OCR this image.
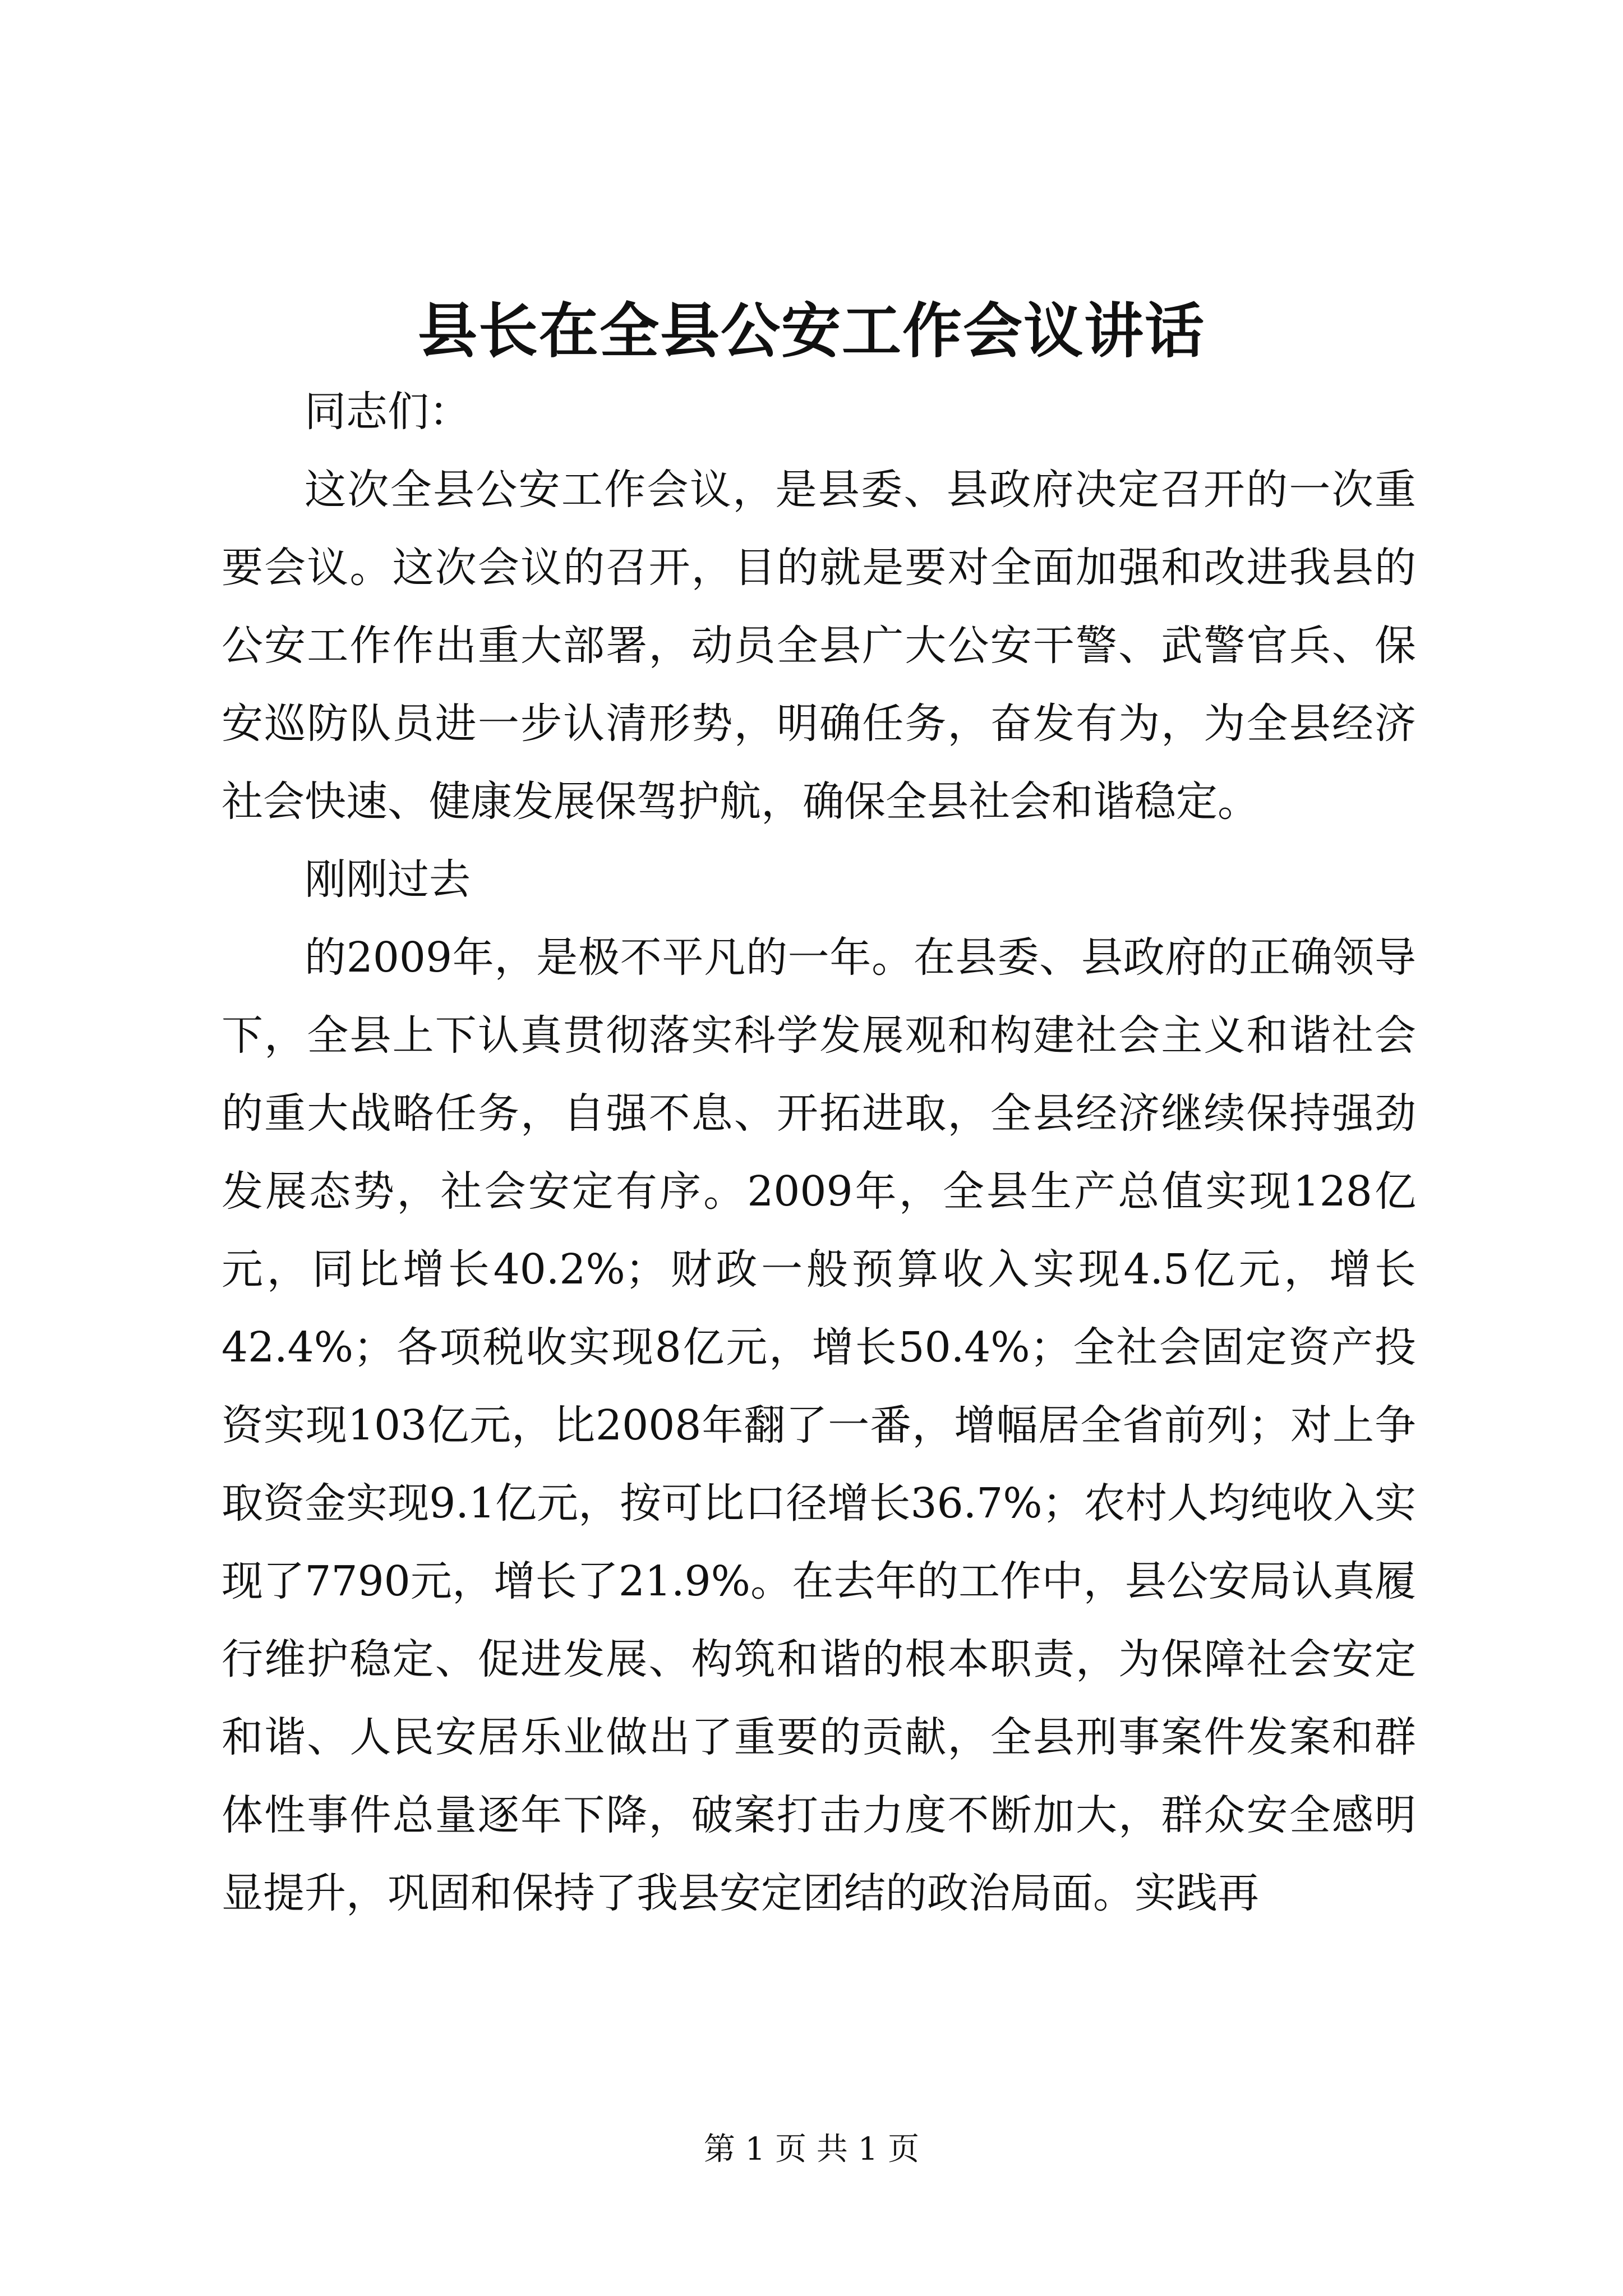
县长在全县公安工作会议讲话

同志们：

这次全县公安工作会议，是县委、县政府决定召开的一次重要会议。这次会议的召开，目的就是要对全面加强和改进我县的公安工作作出重大部署，动员全县广大公安干警、武警官兵、保安巡防队员进一步认清形势，明确任务，奋发有为，为全县经济社会快速、健康发展保驾护航，确保全县社会和谐稳定。

刚刚过去

的2009年，是极不平凡的一年。在县委、县政府的正确领导下，全县上下认真贯彻落实科学发展观和构建社会主义和谐社会的重大战略任务，自强不息、开拓进取，全县经济继续保持强劲发展态势，社会安定有序。2009年，全县生产总值实现128亿元，同比增长40.2%；财政一般预算收入实现4.5亿元，增长42.4%；各项税收实现8亿元，增长50.4%；全社会固定资产投资实现103亿元，比2008年翻了一番，增幅居全省前列；对上争取资金实现9.1亿元，按可比口径增长36.7%；农村人均纯收入实现了7790元，增长了21.9%。在去年的工作中，县公安局认真履行维护稳定、促进发展、构筑和谐的根本职责，为保障社会安定和谐、人民安居乐业做出了重要的贡献，全县刑事案件发案和群体性事件总量逐年下降，破案打击力度不断加大，群众安全感明显提升，巩固和保持了我县安定团结的政治局面。实践再

第 1 页 共 1 页
